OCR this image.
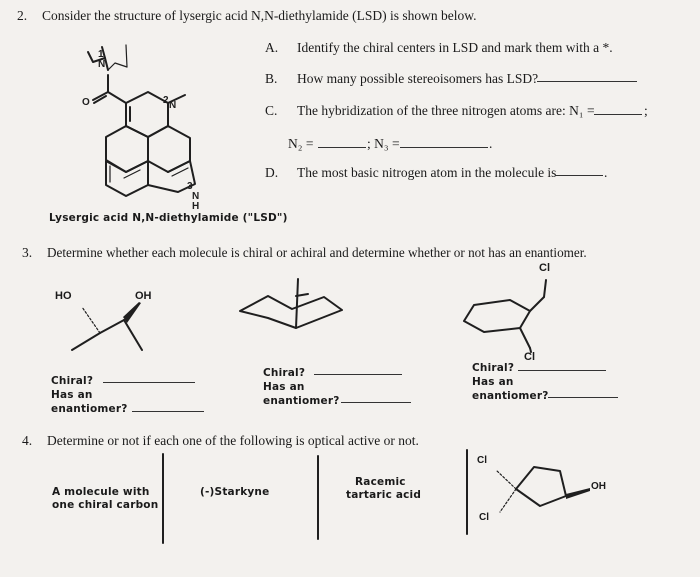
2. Consider the structure of lysergic acid N,N-diethylamide (LSD) is shown below.
N
1
N
2
O
N
H
3
Lysergic acid N,N-diethylamide ("LSD")
A. Identify the chiral centers in LSD and mark them with a *.
B. How many possible stereoisomers has LSD?
C. The hybridization of the three nitrogen atoms are: N₁ =	;
N₂ =	; N₃ =	.
D. The most basic nitrogen atom in the molecule is	.
3. Determine whether each molecule is chiral or achiral and determine whether or not has an enantiomer.
HO	OH
Cl
Cl
Chiral?
Has an
enantiomer?
Chiral?
Has an
enantiomer?
Chiral?
Has an
enantiomer?
4. Determine or not if each one of the following is optical active or not.
A molecule with
one chiral carbon
(-)Starkyne
Racemic
tartaric acid
Cl
Cl
OH
